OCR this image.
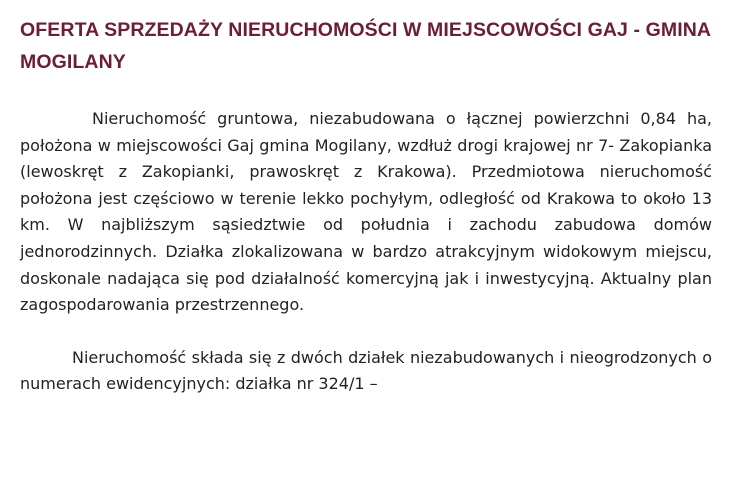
OFERTA SPRZEDAŻY NIERUCHOMOŚCI W MIEJSCOWOŚCI GAJ - GMINA MOGILANY

Nieruchomość gruntowa, niezabudowana o łącznej powierzchni 0,84 ha, położona w miejscowości Gaj gmina Mogilany, wzdłuż drogi krajowej nr 7- Zakopianka (lewoskręt z Zakopianki, prawoskręt z Krakowa). Przedmiotowa nieruchomość położona jest częściowo w terenie lekko pochyłym, odległość od Krakowa to około 13 km. W najbliższym sąsiedztwie od południa i zachodu zabudowa domów jednorodzinnych. Działka zlokalizowana w bardzo atrakcyjnym widokowym miejscu, doskonale nadająca się pod działalność komercyjną jak i inwestycyjną. Aktualny plan zagospodarowania przestrzennego.

Nieruchomość składa się z dwóch działek niezabudowanych i nieogrodzonych o numerach ewidencyjnych: działka nr 324/1 –
